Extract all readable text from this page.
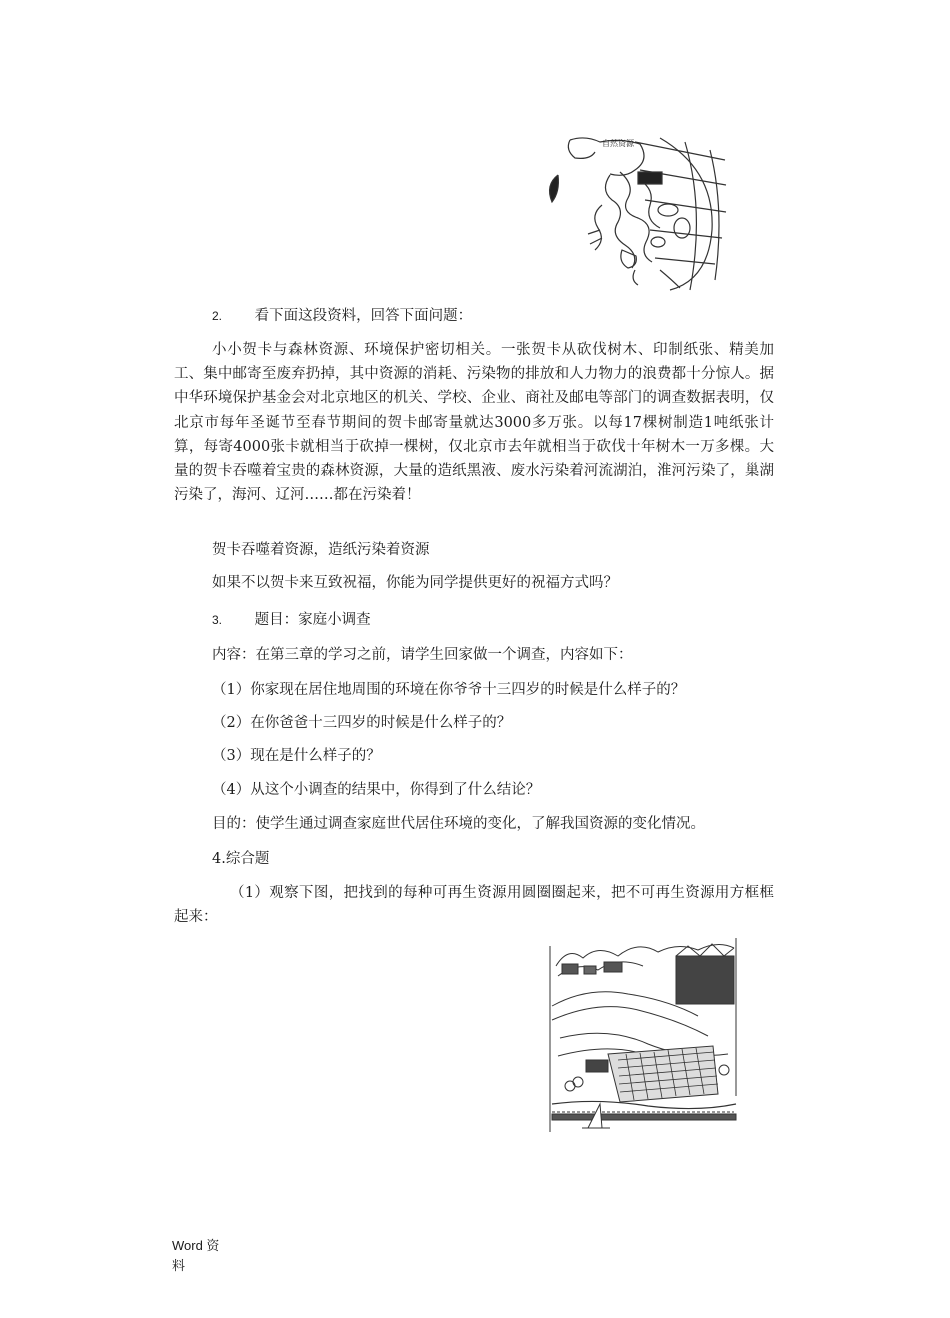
自然资源
2. 看下面这段资料，回答下面问题：
小小贺卡与森林资源、环境保护密切相关。一张贺卡从砍伐树木、印制纸张、精美加工、集中邮寄至废弃扔掉，其中资源的消耗、污染物的排放和人力物力的浪费都十分惊人。据中华环境保护基金会对北京地区的机关、学校、企业、商社及邮电等部门的调查数据表明，仅北京市每年圣诞节至春节期间的贺卡邮寄量就达3000多万张。以每17棵树制造1吨纸张计算，每寄4000张卡就相当于砍掉一棵树，仅北京市去年就相当于砍伐十年树木一万多棵。大量的贺卡吞噬着宝贵的森林资源，大量的造纸黑液、废水污染着河流湖泊，淮河污染了，巢湖污染了，海河、辽河……都在污染着！
贺卡吞噬着资源，造纸污染着资源
如果不以贺卡来互致祝福，你能为同学提供更好的祝福方式吗？
3. 题目：家庭小调查
内容：在第三章的学习之前，请学生回家做一个调查，内容如下：
（1）你家现在居住地周围的环境在你爷爷十三四岁的时候是什么样子的？
（2）在你爸爸十三四岁的时候是什么样子的？
（3）现在是什么样子的？
（4）从这个小调查的结果中，你得到了什么结论？
目的：使学生通过调查家庭世代居住环境的变化，了解我国资源的变化情况。
4.综合题
（1）观察下图，把找到的每种可再生资源用圆圈圈起来，把不可再生资源用方框框起来：
Word 资
料
